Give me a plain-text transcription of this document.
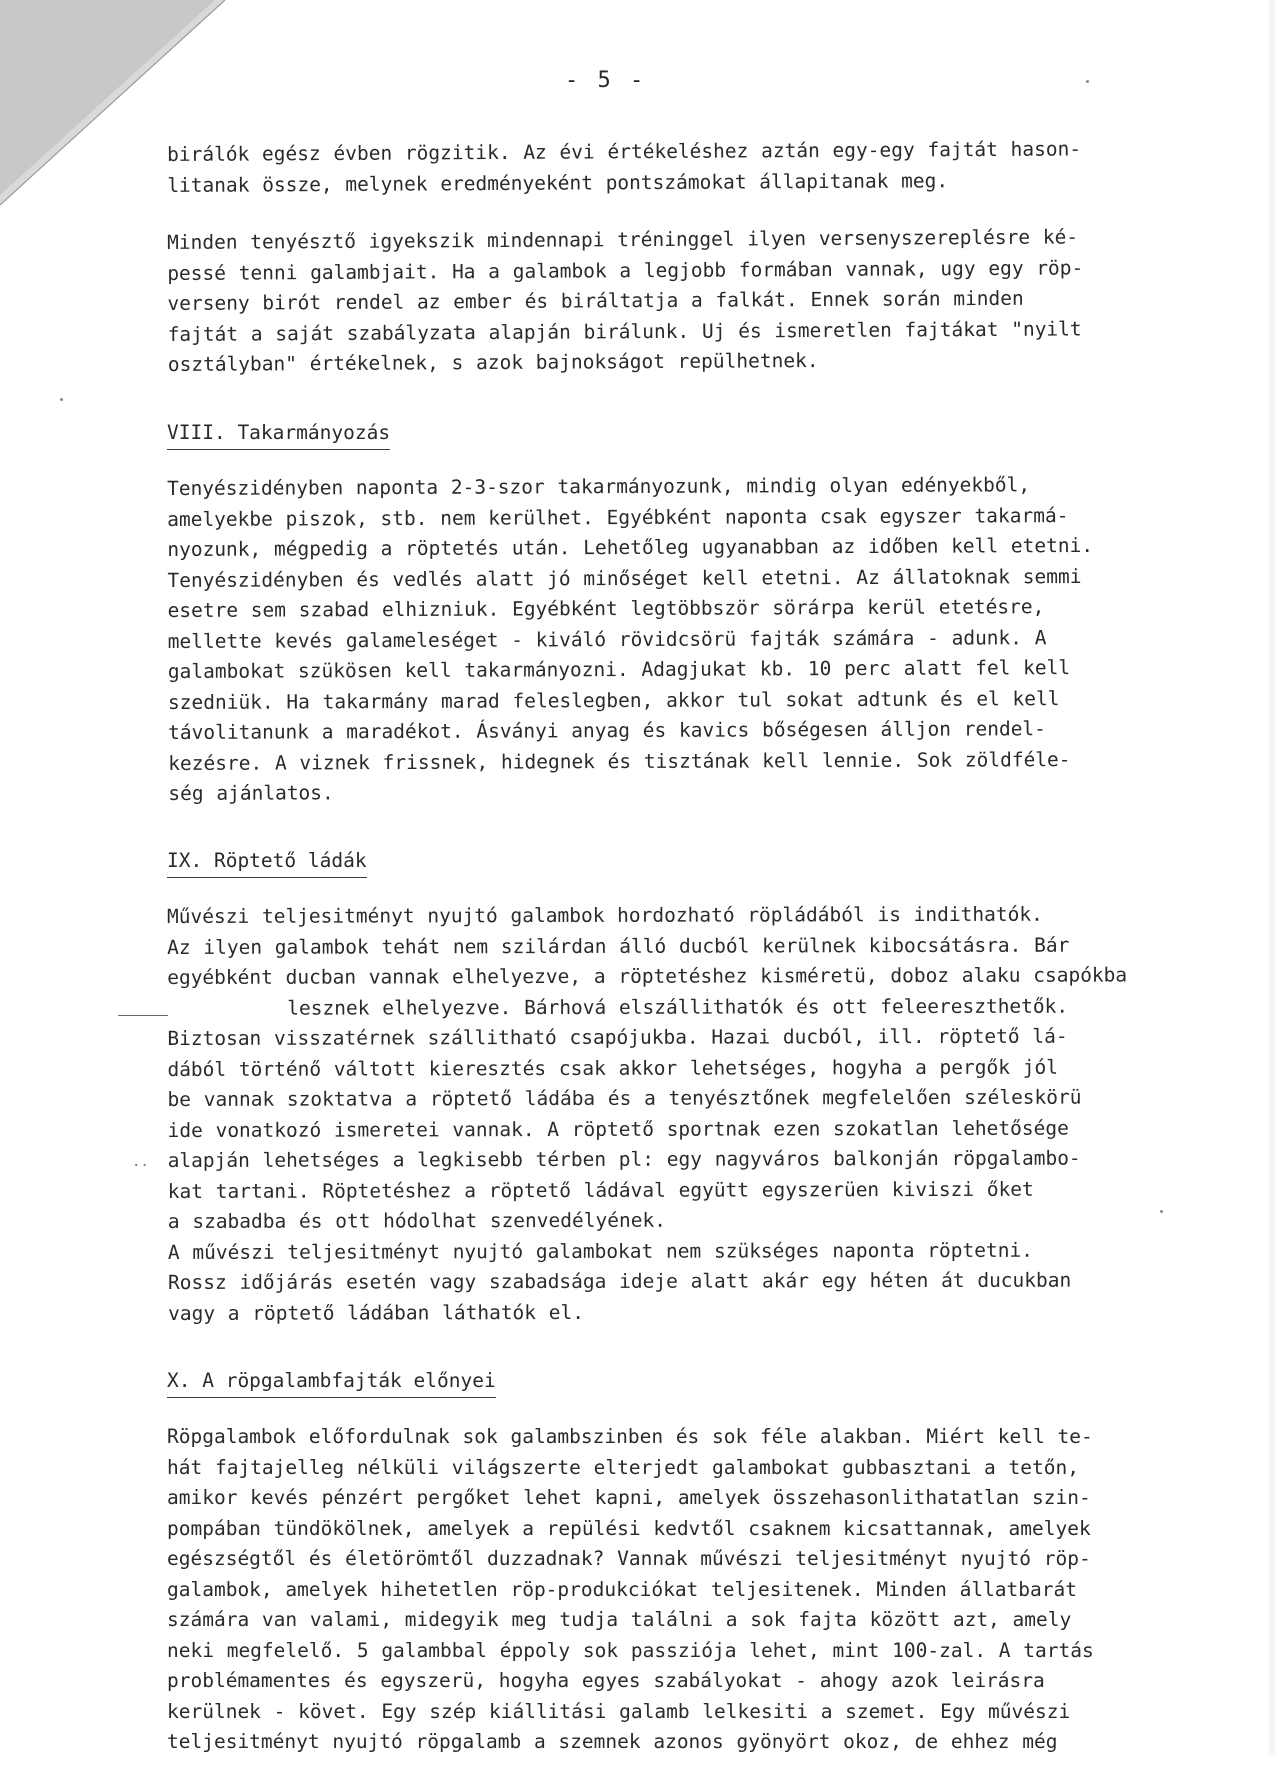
- 5 -
birálók egész évben rögzitik. Az évi értékeléshez aztán egy-egy fajtát hason-
litanak össze, melynek eredményeként pontszámokat állapitanak meg.
Minden tenyésztő igyekszik mindennapi tréninggel ilyen versenyszereplésre ké-
pessé tenni galambjait. Ha a galambok a legjobb formában vannak, ugy egy röp-
verseny birót rendel az ember és biráltatja a falkát. Ennek során minden
fajtát a saját szabályzata alapján birálunk. Uj és ismeretlen fajtákat "nyilt
osztályban" értékelnek, s azok bajnokságot repülhetnek.
VIII. Takarmányozás
Tenyészidényben naponta 2-3-szor takarmányozunk, mindig olyan edényekből,
amelyekbe piszok, stb. nem kerülhet. Egyébként naponta csak egyszer takarmá-
nyozunk, mégpedig a röptetés után. Lehetőleg ugyanabban az időben kell etetni.
Tenyészidényben és vedlés alatt jó minőséget kell etetni. Az állatoknak semmi
esetre sem szabad elhizniuk. Egyébként legtöbbször sörárpa kerül etetésre,
mellette kevés galameleséget - kiváló rövidcsörü fajták számára - adunk. A
galambokat szükösen kell takarmányozni. Adagjukat kb. 10 perc alatt fel kell
szedniük. Ha takarmány marad feleslegben, akkor tul sokat adtunk és el kell
távolitanunk a maradékot. Ásványi anyag és kavics bőségesen álljon rendel-
kezésre. A viznek frissnek, hidegnek és tisztának kell lennie. Sok zöldféle-
ség ajánlatos.
IX. Röptető ládák
Művészi teljesitményt nyujtó galambok hordozható röpládából is indithatók.
Az ilyen galambok tehát nem szilárdan álló ducból kerülnek kibocsátásra. Bár
egyébként ducban vannak elhelyezve, a röptetéshez kisméretü, doboz alaku csapókba
lesznek elhelyezve. Bárhová elszállithatók és ott feleereszthetők.
Biztosan visszatérnek szállitható csapójukba. Hazai ducból, ill. röptető lá-
dából történő váltott kieresztés csak akkor lehetséges, hogyha a pergők jól
be vannak szoktatva a röptető ládába és a tenyésztőnek megfelelően széleskörü
ide vonatkozó ismeretei vannak. A röptető sportnak ezen szokatlan lehetősége
alapján lehetséges a legkisebb térben pl: egy nagyváros balkonján röpgalambo-
kat tartani. Röptetéshez a röptető ládával együtt egyszerüen kiviszi őket
a szabadba és ott hódolhat szenvedélyének.
A művészi teljesitményt nyujtó galambokat nem szükséges naponta röptetni.
Rossz időjárás esetén vagy szabadsága ideje alatt akár egy héten át ducukban
vagy a röptető ládában láthatók el.
X. A röpgalambfajták előnyei
Röpgalambok előfordulnak sok galambszinben és sok féle alakban. Miért kell te-
hát fajtajelleg nélküli világszerte elterjedt galambokat gubbasztani a tetőn,
amikor kevés pénzért pergőket lehet kapni, amelyek összehasonlithatatlan szin-
pompában tündökölnek, amelyek a repülési kedvtől csaknem kicsattannak, amelyek
egészségtől és életörömtől duzzadnak? Vannak művészi teljesitményt nyujtó röp-
galambok, amelyek hihetetlen röp-produkciókat teljesitenek. Minden állatbarát
számára van valami, midegyik meg tudja találni a sok fajta között azt, amely
neki megfelelő. 5 galambbal éppoly sok passziója lehet, mint 100-zal. A tartás
problémamentes és egyszerü, hogyha egyes szabályokat - ahogy azok leirásra
kerülnek - követ. Egy szép kiállitási galamb lelkesiti a szemet. Egy művészi
teljesitményt nyujtó röpgalamb a szemnek azonos gyönyört okoz, de ehhez még
··
